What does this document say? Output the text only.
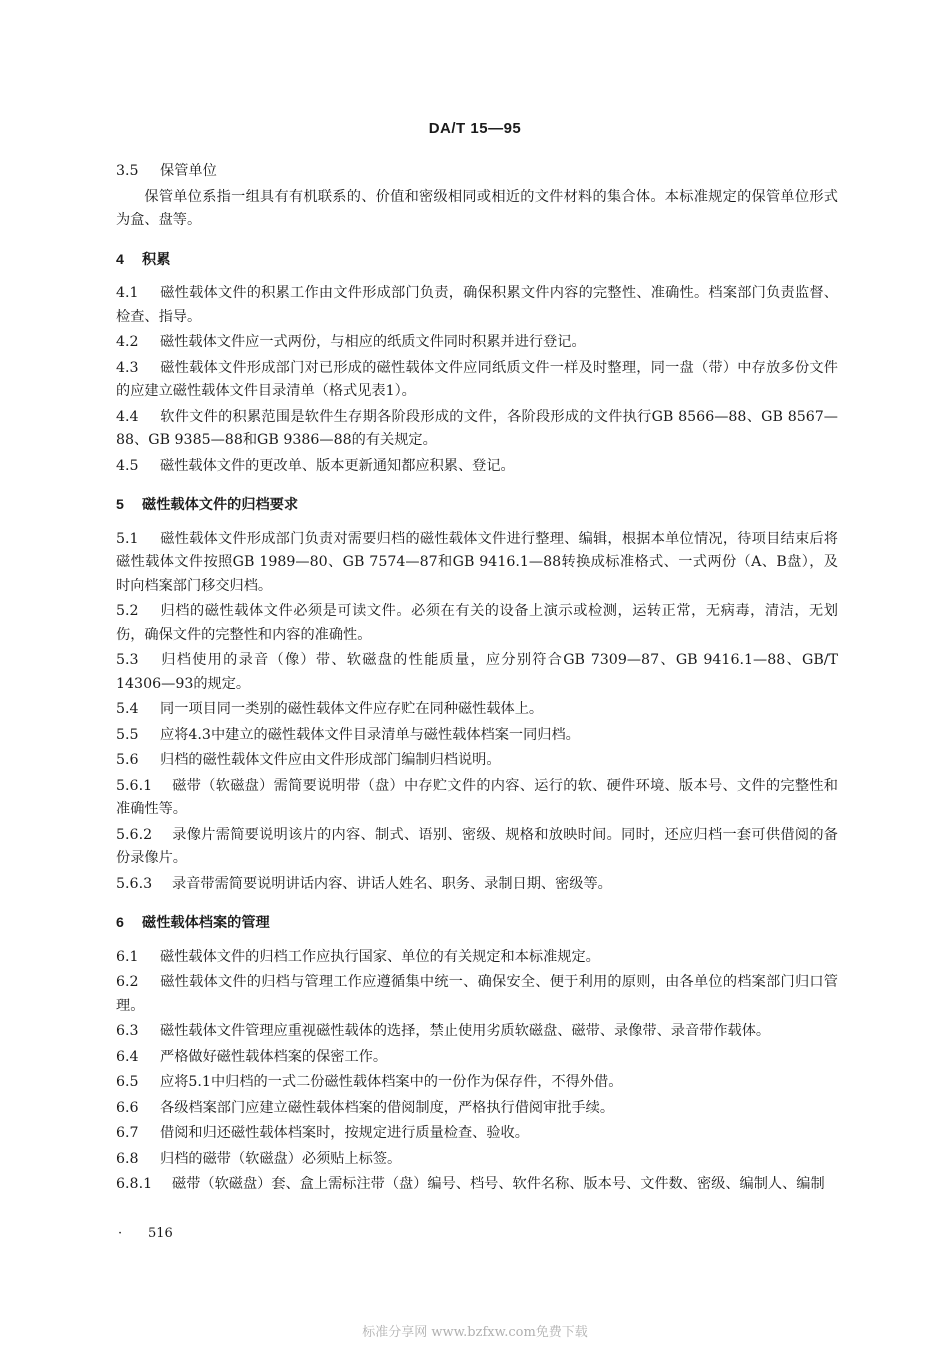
DA/T 15—95

3.5 保管单位

保管单位系指一组具有有机联系的、价值和密级相同或相近的文件材料的集合体。本标准规定的保管单位形式为盒、盘等。

4 积累

4.1 磁性载体文件的积累工作由文件形成部门负责，确保积累文件内容的完整性、准确性。档案部门负责监督、检查、指导。

4.2 磁性载体文件应一式两份，与相应的纸质文件同时积累并进行登记。

4.3 磁性载体文件形成部门对已形成的磁性载体文件应同纸质文件一样及时整理，同一盘（带）中存放多份文件的应建立磁性载体文件目录清单（格式见表1）。

4.4 软件文件的积累范围是软件生存期各阶段形成的文件，各阶段形成的文件执行GB 8566—88、GB 8567—88、GB 9385—88和GB 9386—88的有关规定。

4.5 磁性载体文件的更改单、版本更新通知都应积累、登记。

5 磁性载体文件的归档要求

5.1 磁性载体文件形成部门负责对需要归档的磁性载体文件进行整理、编辑，根据本单位情况，待项目结束后将磁性载体文件按照GB 1989—80、GB 7574—87和GB 9416.1—88转换成标准格式、一式两份（A、B盘），及时向档案部门移交归档。

5.2 归档的磁性载体文件必须是可读文件。必须在有关的设备上演示或检测，运转正常，无病毒，清洁，无划伤，确保文件的完整性和内容的准确性。

5.3 归档使用的录音（像）带、软磁盘的性能质量，应分别符合GB 7309—87、GB 9416.1—88、GB/T 14306—93的规定。

5.4 同一项目同一类别的磁性载体文件应存贮在同种磁性载体上。

5.5 应将4.3中建立的磁性载体文件目录清单与磁性载体档案一同归档。

5.6 归档的磁性载体文件应由文件形成部门编制归档说明。

5.6.1 磁带（软磁盘）需简要说明带（盘）中存贮文件的内容、运行的软、硬件环境、版本号、文件的完整性和准确性等。

5.6.2 录像片需简要说明该片的内容、制式、语别、密级、规格和放映时间。同时，还应归档一套可供借阅的备份录像片。

5.6.3 录音带需简要说明讲话内容、讲话人姓名、职务、录制日期、密级等。

6 磁性载体档案的管理

6.1 磁性载体文件的归档工作应执行国家、单位的有关规定和本标准规定。

6.2 磁性载体文件的归档与管理工作应遵循集中统一、确保安全、便于利用的原则，由各单位的档案部门归口管理。

6.3 磁性载体文件管理应重视磁性载体的选择，禁止使用劣质软磁盘、磁带、录像带、录音带作载体。

6.4 严格做好磁性载体档案的保密工作。

6.5 应将5.1中归档的一式二份磁性载体档案中的一份作为保存件，不得外借。

6.6 各级档案部门应建立磁性载体档案的借阅制度，严格执行借阅审批手续。

6.7 借阅和归还磁性载体档案时，按规定进行质量检查、验收。

6.8 归档的磁带（软磁盘）必须贴上标签。

6.8.1 磁带（软磁盘）套、盒上需标注带（盘）编号、档号、软件名称、版本号、文件数、密级、编制人、编制

· 516
标准分享网 www.bzfxw.com免费下载
